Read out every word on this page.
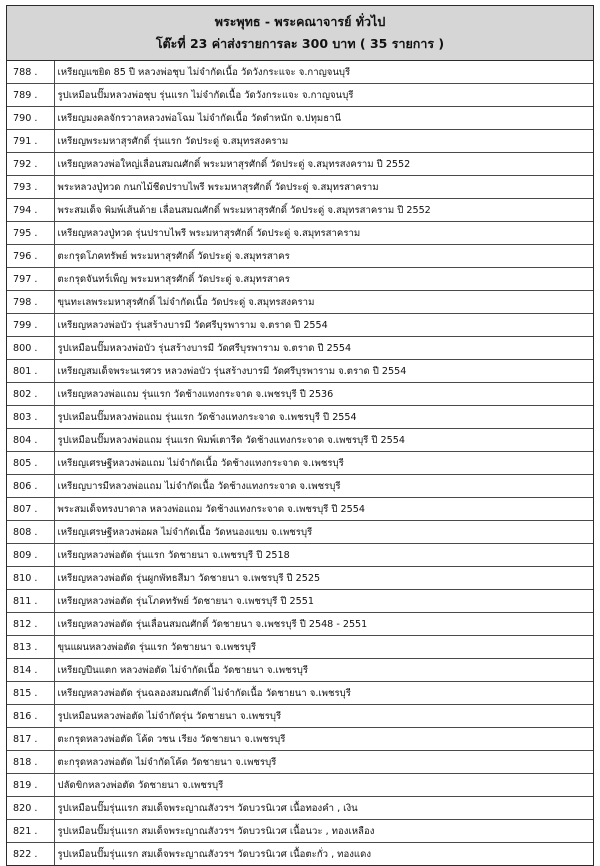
พระพุทธ - พระคณาจารย์ ทั่วไป
โต๊ะที่ 23 ค่าส่งรายการละ 300 บาท ( 35 รายการ )
788 .	เหรียญแซยิด 85 ปี หลวงพ่อชุบ ไม่จำกัดเนื้อ วัดวังกระแจะ จ.กาญจนบุรี
789 .	รูปเหมือนปั๊มหลวงพ่อชุบ รุ่นแรก ไม่จำกัดเนื้อ วัดวังกระแจะ จ.กาญจนบุรี
790 .	เหรียญมงคลจักรวาลหลวงพ่อโฉม ไม่จำกัดเนื้อ วัดตำหนัก จ.ปทุมธานี
791 .	เหรียญพระมหาสุรศักดิ์ รุ่นแรก วัดประดู่ จ.สมุทรสงคราม
792 .	เหรียญหลวงพ่อใหญ่เลื่อนสมณศักดิ์ พระมหาสุรศักดิ์ วัดประดู่ จ.สมุทรสงคราม ปี 2552
793 .	พระหลวงปู่ทวด กนกไม้ชีดปราบไพรี พระมหาสุรศักดิ์ วัดประดู่ จ.สมุทรสาคราม
794 .	พระสมเด็จ พิมพ์เส้นด้าย เลื่อนสมณศักดิ์ พระมหาสุรศักดิ์ วัดประดู่ จ.สมุทรสาคราม ปี 2552
795 .	เหรียญหลวงปู่ทวด รุ่นปราบไพรี พระมหาสุรศักดิ์ วัดประดู่ จ.สมุทรสาคราม
796 .	ตะกรุดโภคทรัพย์ พระมหาสุรศักดิ์ วัดประดู่ จ.สมุทรสาคร
797 .	ตะกรุดจันทร์เพ็ญ พระมหาสุรศักดิ์ วัดประดู่ จ.สมุทรสาคร
798 .	ขุนทะเลพระมหาสุรศักดิ์ ไม่จำกัดเนื้อ วัดประดู่ จ.สมุทรสงคราม
799 .	เหรียญหลวงพ่อบัว รุ่นสร้างบารมี วัดศรีบุรพาราม จ.ตราด ปี 2554
800 .	รูปเหมือนปั๊มหลวงพ่อบัว รุ่นสร้างบารมี วัดศรีบุรพาราม จ.ตราด ปี 2554
801 .	เหรียญสมเด็จพระนเรศวร หลวงพ่อบัว รุ่นสร้างบารมี วัดศรีบุรพาราม จ.ตราด ปี 2554
802 .	เหรียญหลวงพ่อแถม รุ่นแรก วัดช้างแทงกระจาด จ.เพชรบุรี ปี 2536
803 .	รูปเหมือนปั๊มหลวงพ่อแถม รุ่นแรก วัดช้างแทงกระจาด จ.เพชรบุรี ปี 2554
804 .	รูปเหมือนปั๊มหลวงพ่อแถม รุ่นแรก พิมพ์เตารีด วัดช้างแทงกระจาด จ.เพชรบุรี ปี 2554
805 .	เหรียญเศรษฐีหลวงพ่อแถม ไม่จำกัดเนื้อ วัดช้างแทงกระจาด จ.เพชรบุรี
806 .	เหรียญบารมีหลวงพ่อแถม ไม่จำกัดเนื้อ วัดช้างแทงกระจาด จ.เพชรบุรี
807 .	พระสมเด็จทรงบาดาล หลวงพ่อแถม วัดช้างแทงกระจาด จ.เพชรบุรี ปี 2554
808 .	เหรียญเศรษฐีหลวงพ่อผล ไม่จำกัดเนื้อ วัดหนองแขม จ.เพชรบุรี
809 .	เหรียญหลวงพ่อตัด รุ่นแรก วัดชายนา จ.เพชรบุรี ปี 2518
810 .	เหรียญหลวงพ่อตัด รุ่นผูกพัทธสีมา วัดชายนา จ.เพชรบุรี ปี 2525
811 .	เหรียญหลวงพ่อตัด รุ่นโภคทรัพย์ วัดชายนา จ.เพชรบุรี ปี 2551
812 .	เหรียญหลวงพ่อตัด รุ่นเลื่อนสมณศักดิ์ วัดชายนา จ.เพชรบุรี ปี 2548 - 2551
813 .	ขุนแผนหลวงพ่อตัด รุ่นแรก วัดชายนา จ.เพชรบุรี
814 .	เหรียญปีนแตก หลวงพ่อตัด ไม่จำกัดเนื้อ วัดชายนา จ.เพชรบุรี
815 .	เหรียญหลวงพ่อตัด รุ่นฉลองสมณศักดิ์ ไม่จำกัดเนื้อ วัดชายนา จ.เพชรบุรี
816 .	รูปเหมือนหลวงพ่อตัด ไม่จำกัดรุ่น วัดชายนา จ.เพชรบุรี
817 .	ตะกรุดหลวงพ่อตัด โค้ด วชน เรียง วัดชายนา จ.เพชรบุรี
818 .	ตะกรุดหลวงพ่อตัด ไม่จำกัดโค้ด วัดชายนา จ.เพชรบุรี
819 .	ปลัดขิกหลวงพ่อตัด วัดชายนา จ.เพชรบุรี
820 .	รูปเหมือนปั๊มรุ่นแรก สมเด็จพระญาณสังวรฯ วัดบวรนิเวศ เนื้อทองคำ , เงิน
821 .	รูปเหมือนปั๊มรุ่นแรก สมเด็จพระญาณสังวรฯ วัดบวรนิเวศ เนื้อนวะ , ทองเหลือง
822 .	รูปเหมือนปั๊มรุ่นแรก สมเด็จพระญาณสังวรฯ วัดบวรนิเวศ เนื้อตะกั่ว , ทองแดง
